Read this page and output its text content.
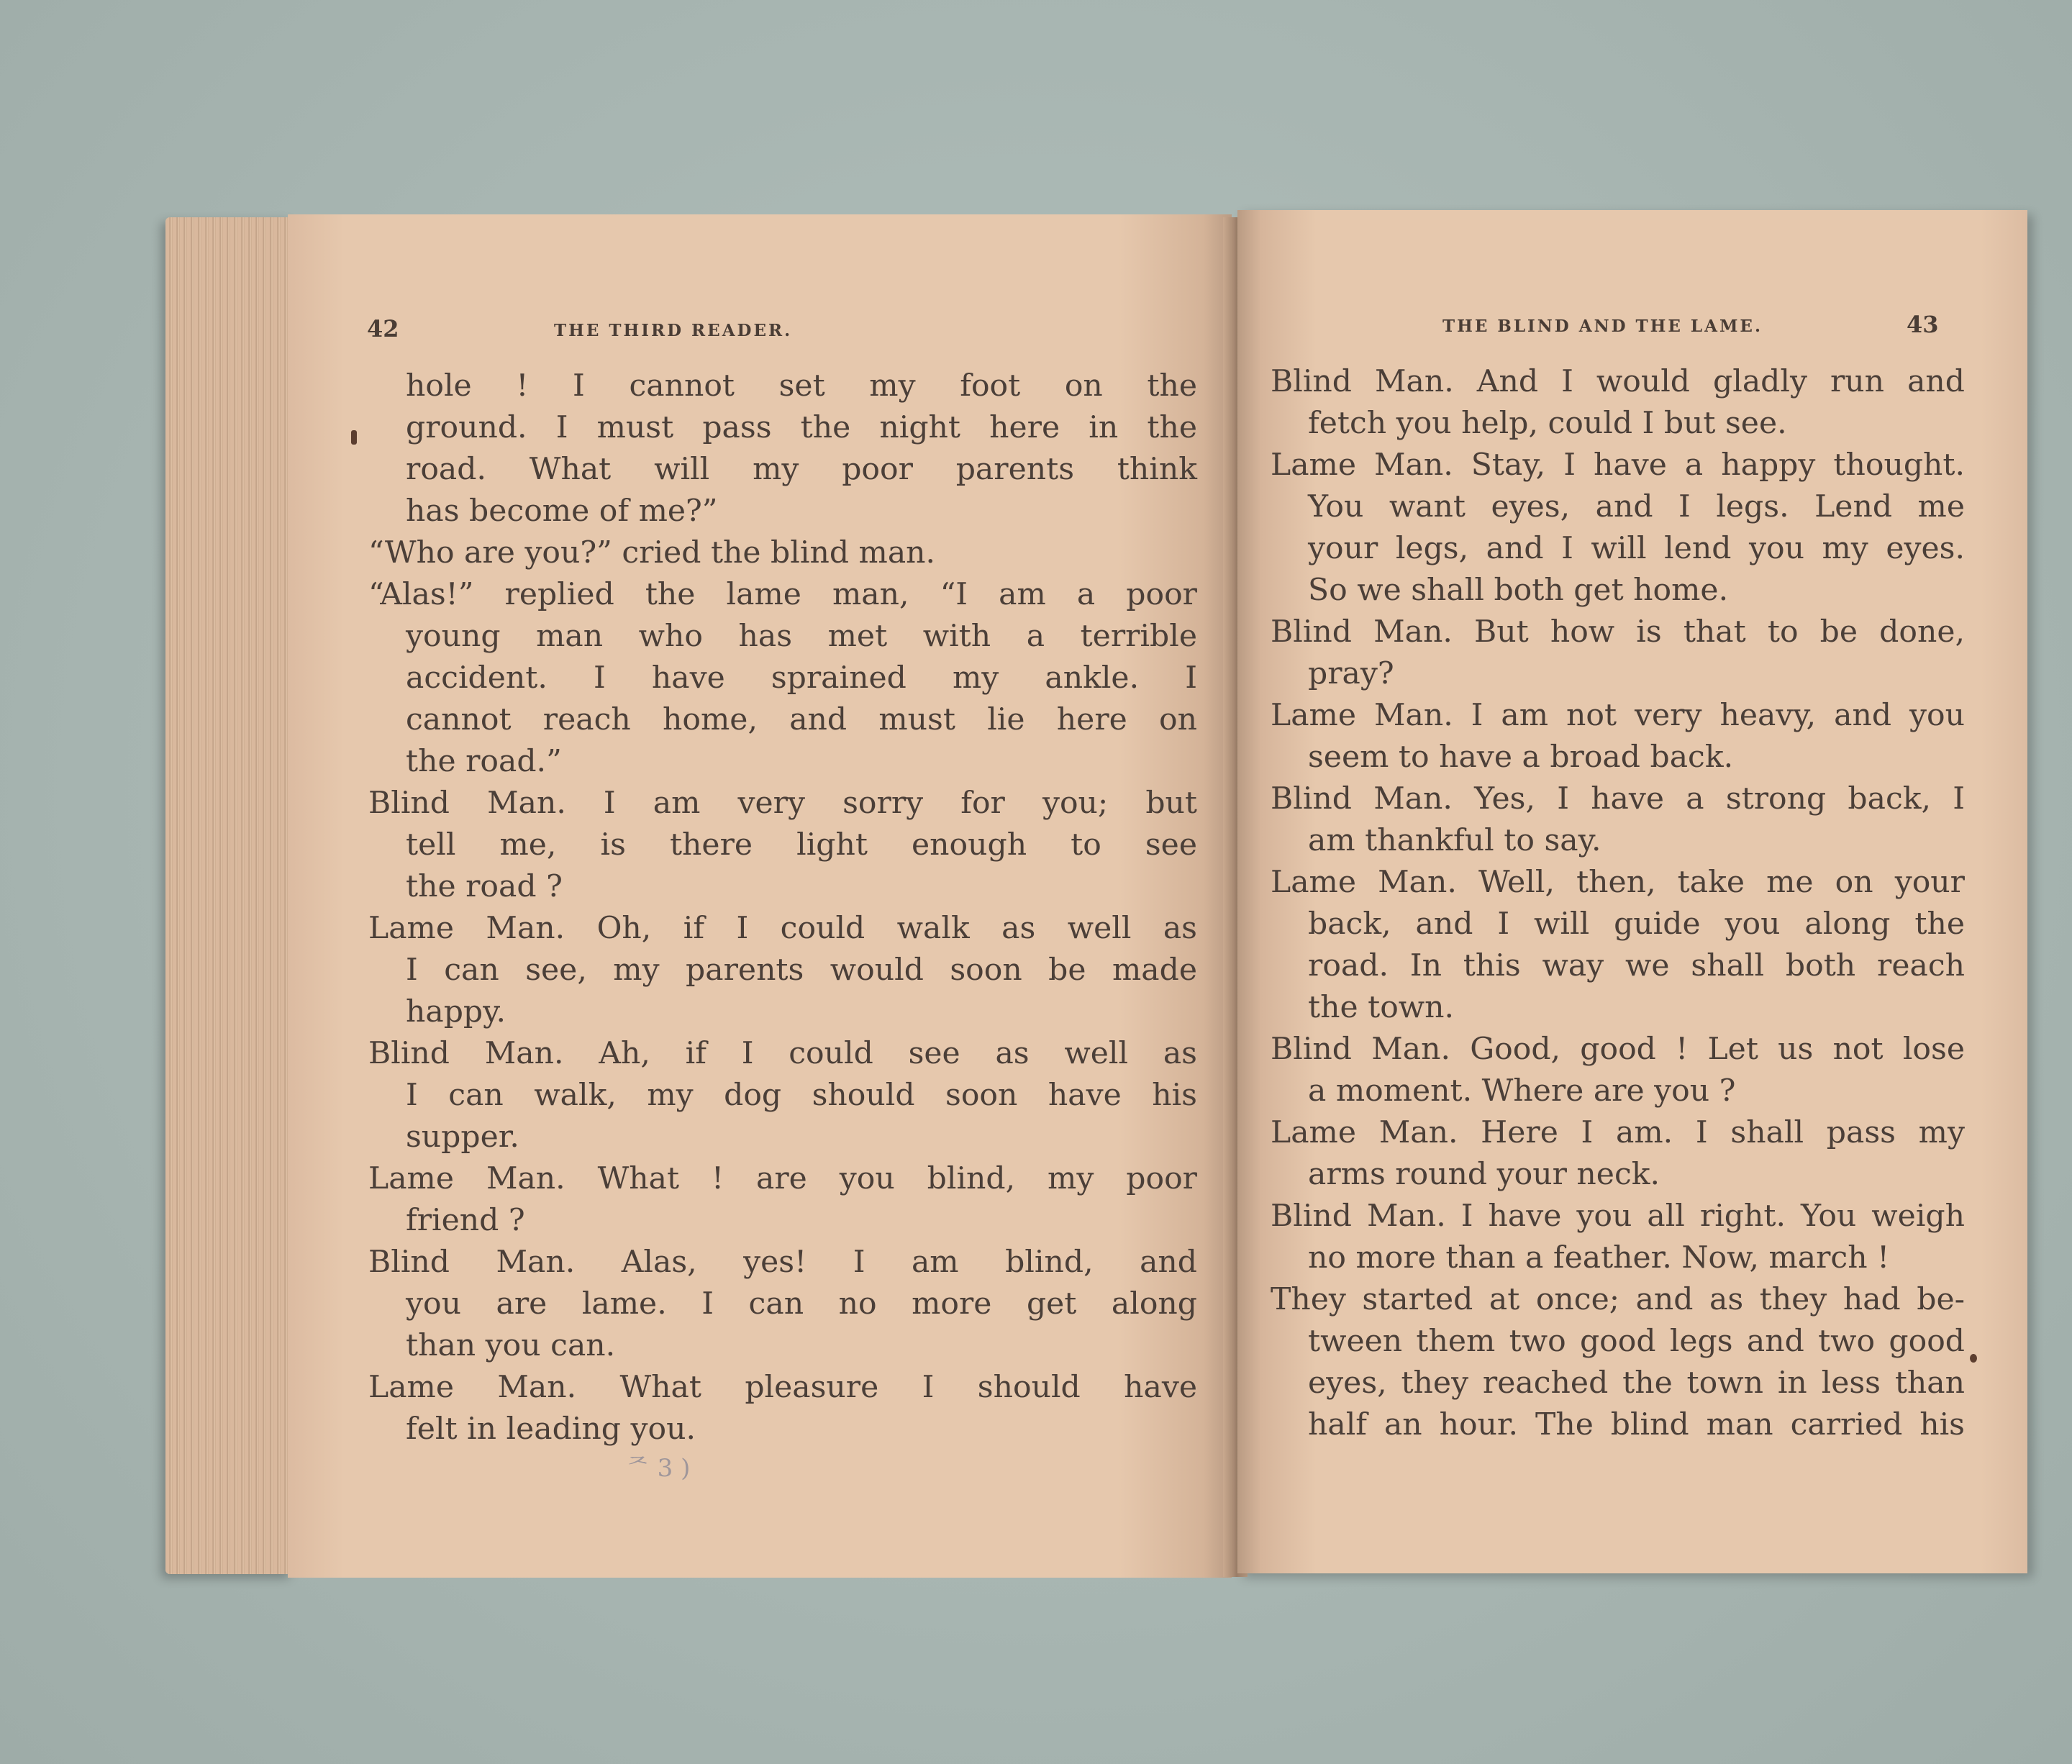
42	THE THIRD READER.
hole ! I cannot set my foot on the
ground. I must pass the night here in the
road. What will my poor parents think
has become of me?”
“Who are you?” cried the blind man.
“Alas!” replied the lame man, “I am a poor
young man who has met with a terrible
accident. I have sprained my ankle. I
cannot reach home, and must lie here on
the road.”
Blind Man. I am very sorry for you; but
tell me, is there light enough to see
the road ?
Lame Man. Oh, if I could walk as well as
I can see, my parents would soon be made
happy.
Blind Man. Ah, if I could see as well as
I can walk, my dog should soon have his
supper.
Lame Man. What ! are you blind, my poor
friend ?
Blind Man. Alas, yes! I am blind, and
you are lame. I can no more get along
than you can.
Lame Man. What pleasure I should have
felt in leading you.
ᄌ 3 )
THE BLIND AND THE LAME.	43
Blind Man. And I would gladly run and
fetch you help, could I but see.
Lame Man. Stay, I have a happy thought.
You want eyes, and I legs. Lend me
your legs, and I will lend you my eyes.
So we shall both get home.
Blind Man. But how is that to be done,
pray?
Lame Man. I am not very heavy, and you
seem to have a broad back.
Blind Man. Yes, I have a strong back, I
am thankful to say.
Lame Man. Well, then, take me on your
back, and I will guide you along the
road. In this way we shall both reach
the town.
Blind Man. Good, good ! Let us not lose
a moment. Where are you ?
Lame Man. Here I am. I shall pass my
arms round your neck.
Blind Man. I have you all right. You weigh
no more than a feather. Now, march !
They started at once; and as they had be-
tween them two good legs and two good
eyes, they reached the town in less than
half an hour. The blind man carried his
